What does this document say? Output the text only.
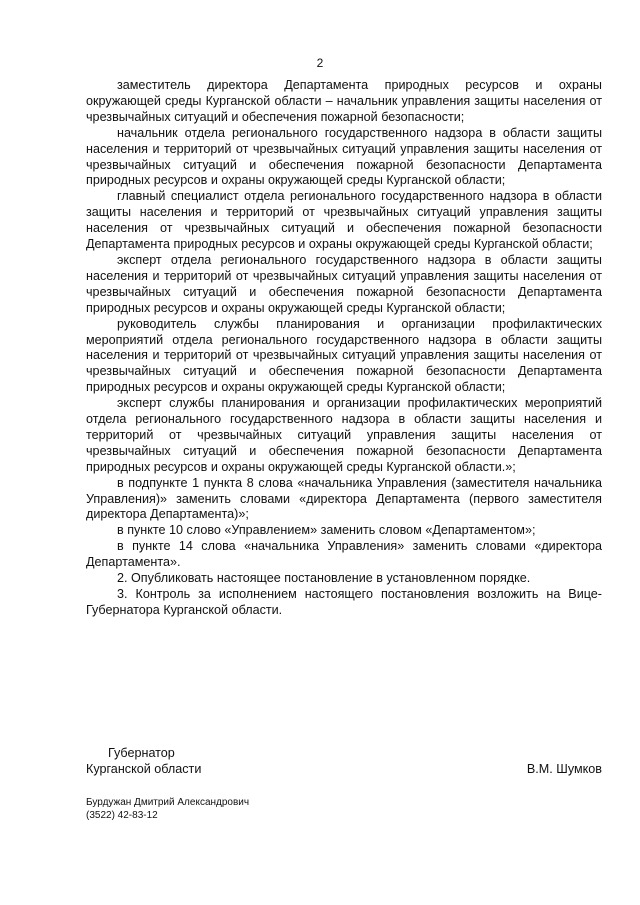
2

заместитель директора Департамента природных ресурсов и охраны окружающей среды Курганской области – начальник управления защиты населения от чрезвычайных ситуаций и обеспечения пожарной безопасности;

начальник отдела регионального государственного надзора в области защиты населения и территорий от чрезвычайных ситуаций управления защиты населения от чрезвычайных ситуаций и обеспечения пожарной безопасности Департамента природных ресурсов и охраны окружающей среды Курганской области;

главный специалист отдела регионального государственного надзора в области защиты населения и территорий от чрезвычайных ситуаций управления защиты населения от чрезвычайных ситуаций и обеспечения пожарной безопасности Департамента природных ресурсов и охраны окружающей среды Курганской области;

эксперт отдела регионального государственного надзора в области защиты населения и территорий от чрезвычайных ситуаций управления защиты населения от чрезвычайных ситуаций и обеспечения пожарной безопасности Департамента природных ресурсов и охраны окружающей среды Курганской области;

руководитель службы планирования и организации профилактических мероприятий отдела регионального государственного надзора в области защиты населения и территорий от чрезвычайных ситуаций управления защиты населения от чрезвычайных ситуаций и обеспечения пожарной безопасности Департамента природных ресурсов и охраны окружающей среды Курганской области;

эксперт службы планирования и организации профилактических мероприятий отдела регионального государственного надзора в области защиты населения и территорий от чрезвычайных ситуаций управления защиты населения от чрезвычайных ситуаций и обеспечения пожарной безопасности Департамента природных ресурсов и охраны окружающей среды Курганской области.»;

в подпункте 1 пункта 8 слова «начальника Управления (заместителя начальника Управления)» заменить словами «директора Департамента (первого заместителя директора Департамента)»;

в пункте 10 слово «Управлением» заменить словом «Департаментом»;

в пункте 14 слова «начальника Управления» заменить словами «директора Департамента».

2. Опубликовать настоящее постановление в установленном порядке.

3. Контроль за исполнением настоящего постановления возложить на Вице-Губернатора Курганской области.

Губернатор
Курганской области	В.М. Шумков
Бурдужан Дмитрий Александрович
(3522) 42-83-12
